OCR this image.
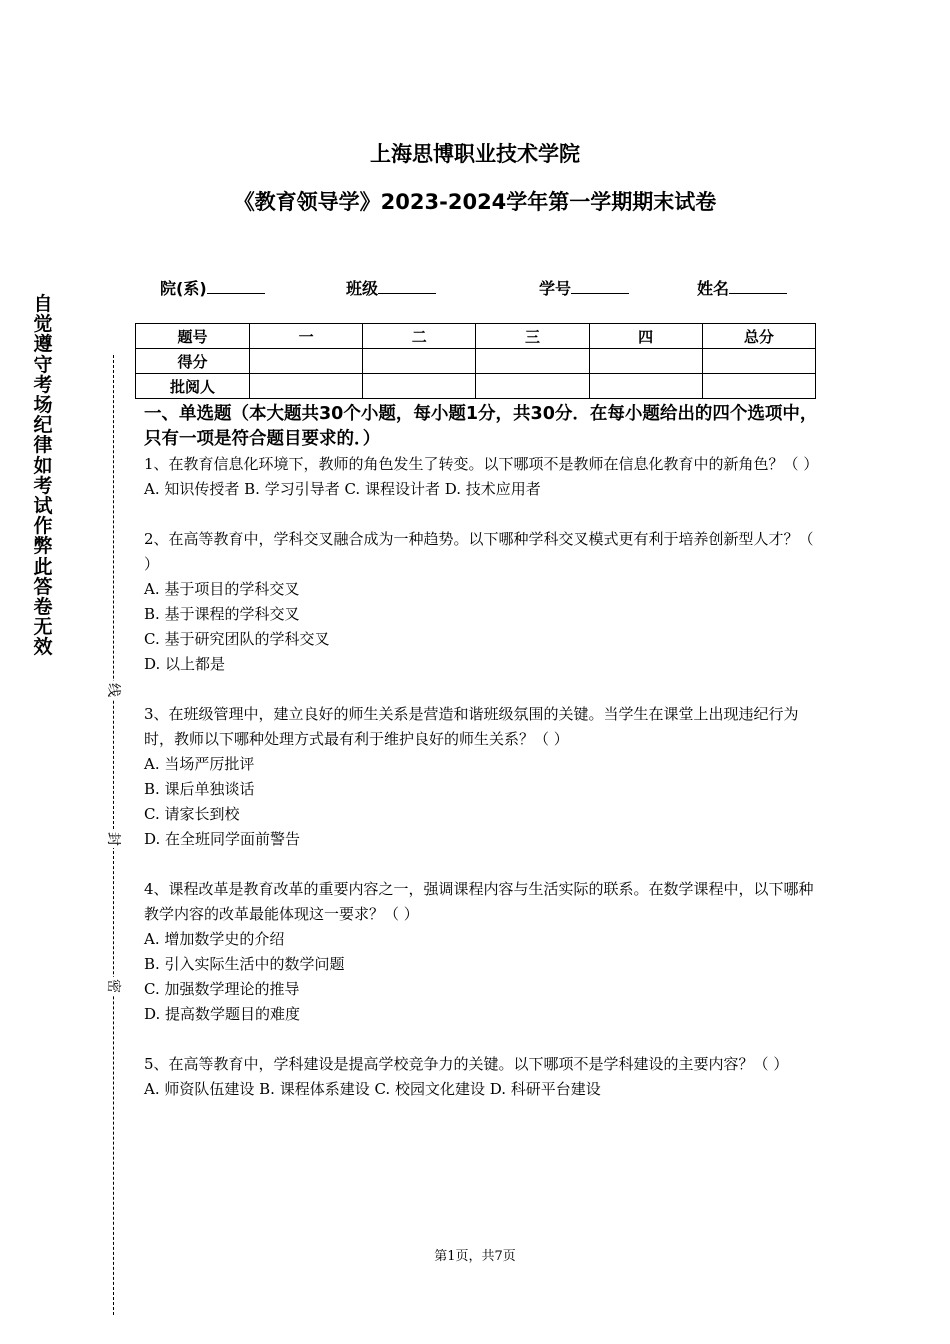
上海思博职业技术学院
《教育领导学》2023-2024学年第一学期期末试卷
院(系)	班级	学号	姓名
题号	一	二	三	四	总分
得分					
批阅人					
自觉遵守考场纪律如考试作弊此答卷无效
线
封
密

一、单选题（本大题共30个小题，每小题1分，共30分．在每小题给出的四个选项中，只有一项是符合题目要求的．）

1、在教育信息化环境下，教师的角色发生了转变。以下哪项不是教师在信息化教育中的新角色？（ ）

A. 知识传授者 B. 学习引导者 C. 课程设计者 D. 技术应用者

2、在高等教育中，学科交叉融合成为一种趋势。以下哪种学科交叉模式更有利于培养创新型人才？（ ）

A. 基于项目的学科交叉

B. 基于课程的学科交叉

C. 基于研究团队的学科交叉

D. 以上都是

3、在班级管理中，建立良好的师生关系是营造和谐班级氛围的关键。当学生在课堂上出现违纪行为时，教师以下哪种处理方式最有利于维护良好的师生关系？（ ）

A. 当场严厉批评

B. 课后单独谈话

C. 请家长到校

D. 在全班同学面前警告

4、课程改革是教育改革的重要内容之一，强调课程内容与生活实际的联系。在数学课程中，以下哪种教学内容的改革最能体现这一要求？（ ）

A. 增加数学史的介绍

B. 引入实际生活中的数学问题

C. 加强数学理论的推导

D. 提高数学题目的难度

5、在高等教育中，学科建设是提高学校竞争力的关键。以下哪项不是学科建设的主要内容？（ ）

A. 师资队伍建设 B. 课程体系建设 C. 校园文化建设 D. 科研平台建设

第1页，共7页
